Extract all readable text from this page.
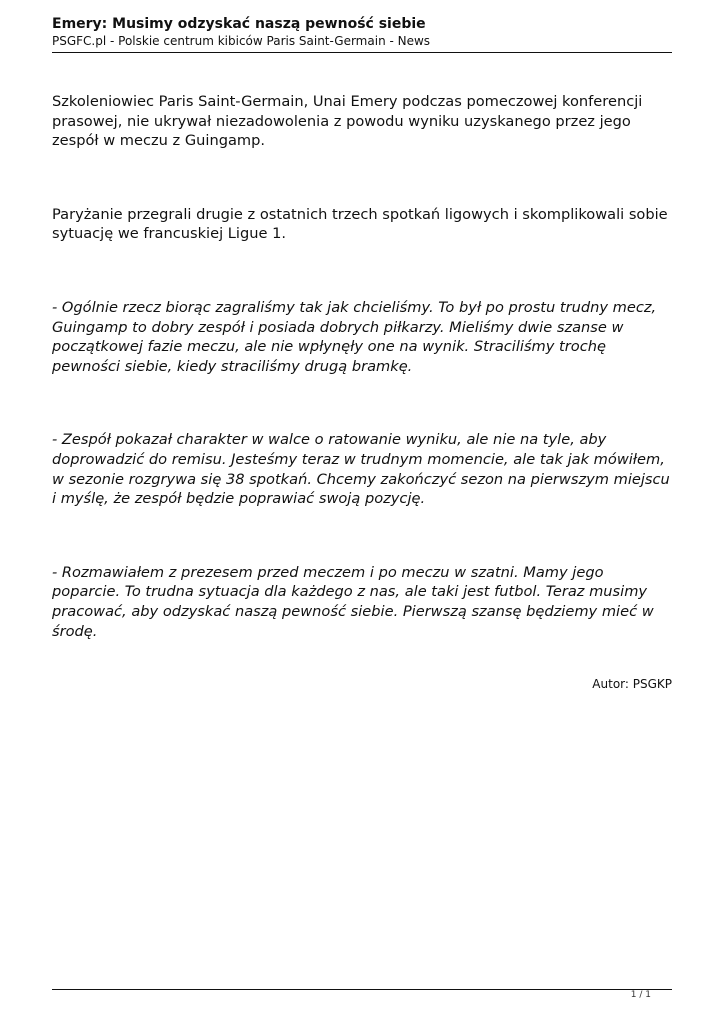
Emery: Musimy odzyskać naszą pewność siebie
PSGFC.pl - Polskie centrum kibiców Paris Saint-Germain - News

Szkoleniowiec Paris Saint-Germain, Unai Emery podczas pomeczowej konferencji prasowej, nie ukrywał niezadowolenia z powodu wyniku uzyskanego przez jego zespół w meczu z Guingamp.

Paryżanie przegrali drugie z ostatnich trzech spotkań ligowych i skomplikowali sobie sytuację we francuskiej Ligue 1.

- Ogólnie rzecz biorąc zagraliśmy tak jak chcieliśmy. To był po prostu trudny mecz, Guingamp to dobry zespół i posiada dobrych piłkarzy. Mieliśmy dwie szanse w początkowej fazie meczu, ale nie wpłynęły one na wynik. Straciliśmy trochę pewności siebie, kiedy straciliśmy drugą bramkę.

- Zespół pokazał charakter w walce o ratowanie wyniku, ale nie na tyle, aby doprowadzić do remisu. Jesteśmy teraz w trudnym momencie, ale tak jak mówiłem, w sezonie rozgrywa się 38 spotkań. Chcemy zakończyć sezon na pierwszym miejscu i myślę, że zespół będzie poprawiać swoją pozycję.

- Rozmawiałem z prezesem przed meczem i po meczu w szatni. Mamy jego poparcie. To trudna sytuacja dla każdego z nas, ale taki jest futbol. Teraz musimy pracować, aby odzyskać naszą pewność siebie. Pierwszą szansę będziemy mieć w środę.

Autor: PSGKP
1 / 1
